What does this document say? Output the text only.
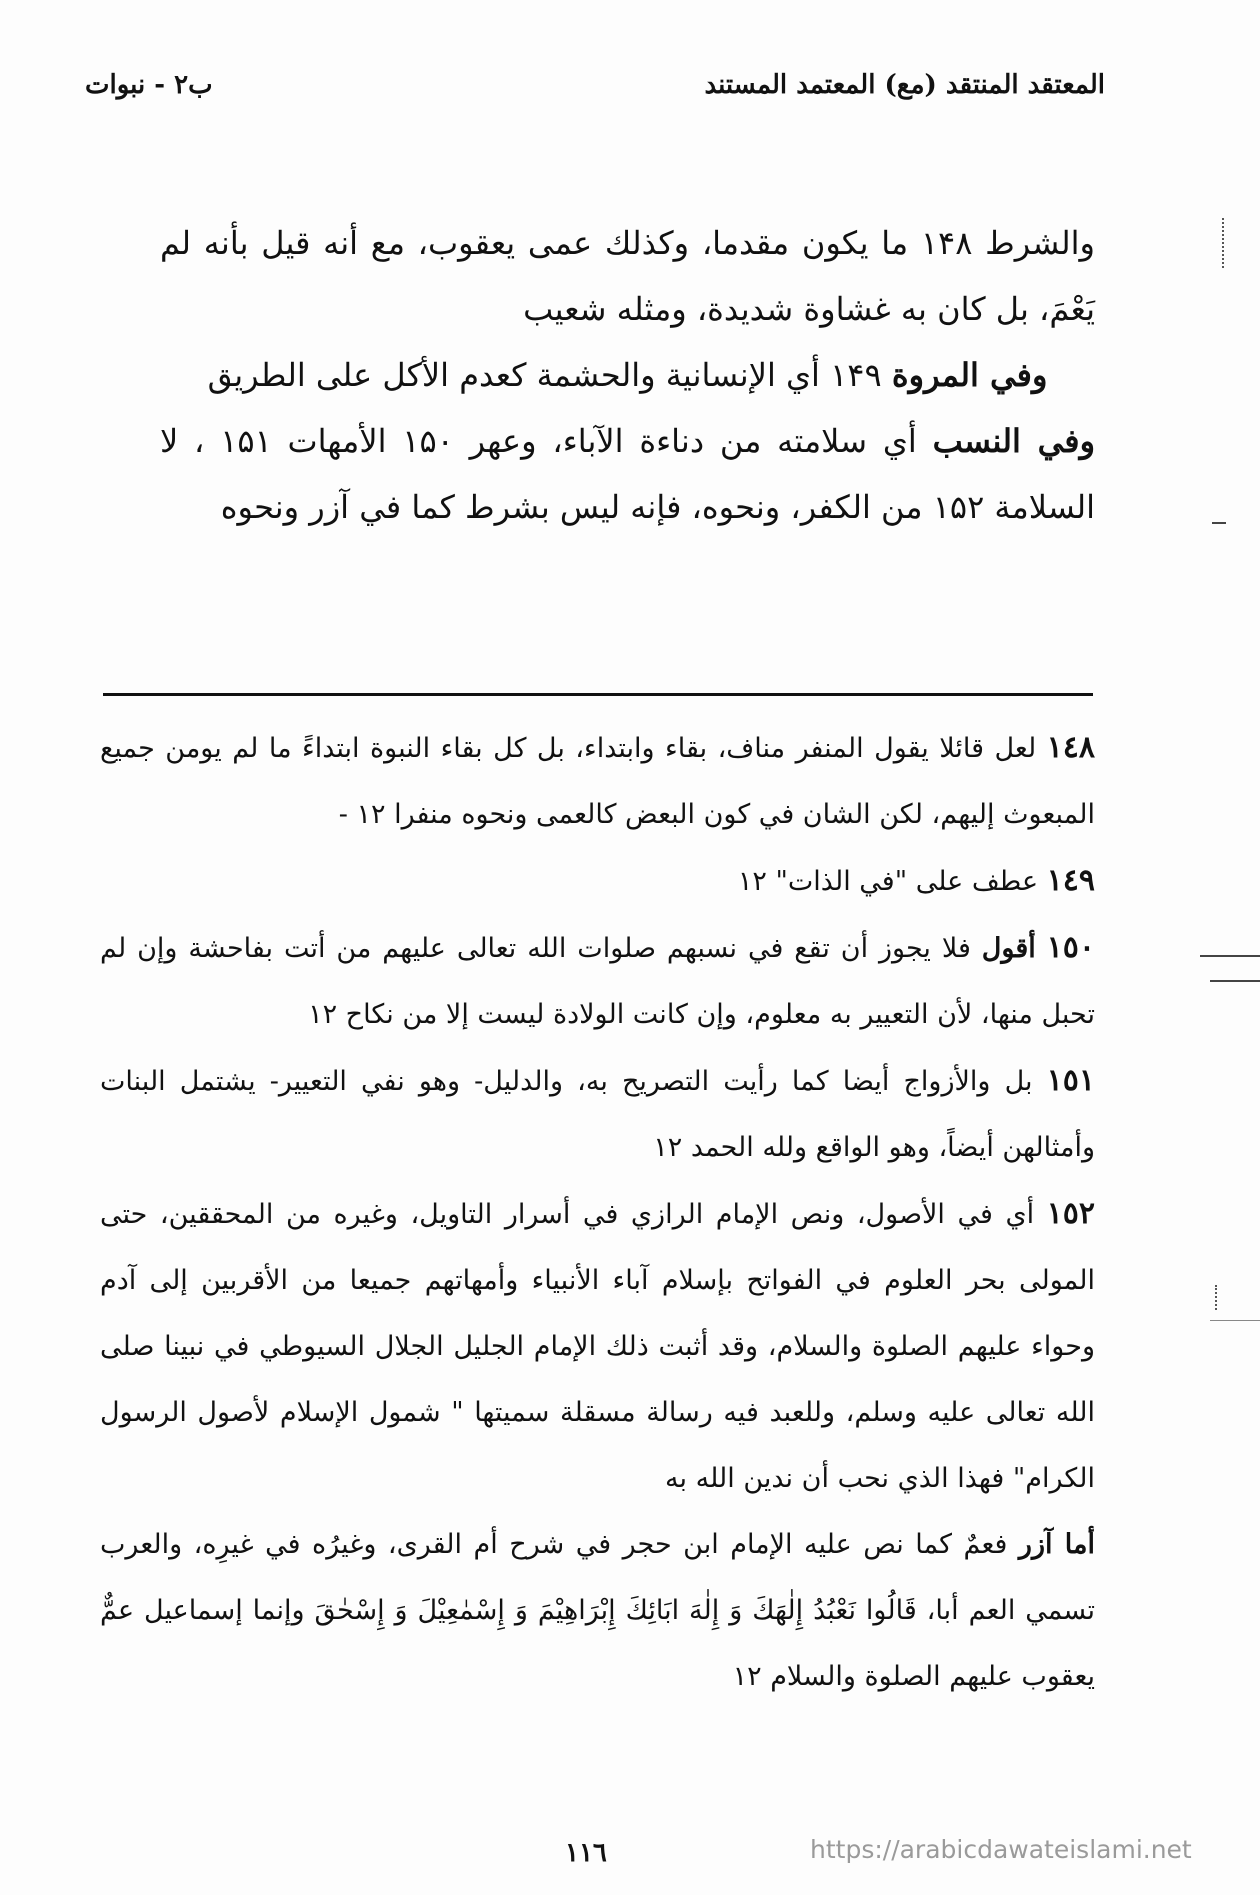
المعتقد المنتقد (مع) المعتمد المستند
ب۲ - نبوات

والشرط ۱۴۸ ما يكون مقدما، وكذلك عمى يعقوب، مع أنه قيل بأنه لم يَعْمَ، بل كان به غشاوة شديدة، ومثله شعيب

وفي المروة ۱۴۹ أي الإنسانية والحشمة كعدم الأكل على الطريق

وفي النسب أي سلامته من دناءة الآباء، وعهر ۱۵۰ الأمهات ۱۵۱ ، لا السلامة ۱۵۲ من الكفر، ونحوه، فإنه ليس بشرط كما في آزر ونحوه

١٤٨ لعل قائلا يقول المنفر مناف، بقاء وابتداء، بل كل بقاء النبوة ابتداءً ما لم يومن جميع المبعوث إليهم، لكن الشان في كون البعض كالعمى ونحوه منفرا ۱۲ -

١٤٩ عطف على "في الذات" ۱۲

١٥٠ أقول فلا يجوز أن تقع في نسبهم صلوات الله تعالى عليهم من أتت بفاحشة وإن لم تحبل منها، لأن التعيير به معلوم، وإن كانت الولادة ليست إلا من نكاح ۱۲

١٥١ بل والأزواج أيضا كما رأيت التصريح به، والدليل- وهو نفي التعيير- يشتمل البنات وأمثالهن أيضاً، وهو الواقع ولله الحمد ۱۲

١٥٢ أي في الأصول، ونص الإمام الرازي في أسرار التاويل، وغيره من المحققين، حتى المولى بحر العلوم في الفواتح بإسلام آباء الأنبياء وأمهاتهم جميعا من الأقربين إلى آدم وحواء عليهم الصلوة والسلام، وقد أثبت ذلك الإمام الجليل الجلال السيوطي في نبينا صلى الله تعالى عليه وسلم، وللعبد فيه رسالة مسقلة سميتها " شمول الإسلام لأصول الرسول الكرام" فهذا الذي نحب أن ندين الله به

أما آزر فعمٌ كما نص عليه الإمام ابن حجر في شرح أم القرى، وغيرُه في غيرِه، والعرب تسمي العم أبا، قَالُوا نَعْبُدُ إِلٰهَكَ وَ إِلٰهَ ابَائِكَ إِبْرَاهِيْمَ وَ إِسْمٰعِيْلَ وَ إِسْحٰقَ وإنما إسماعيل عمٌّ يعقوب عليهم الصلوة والسلام ۱۲

١١٦	https://arabicdawateislami.net
